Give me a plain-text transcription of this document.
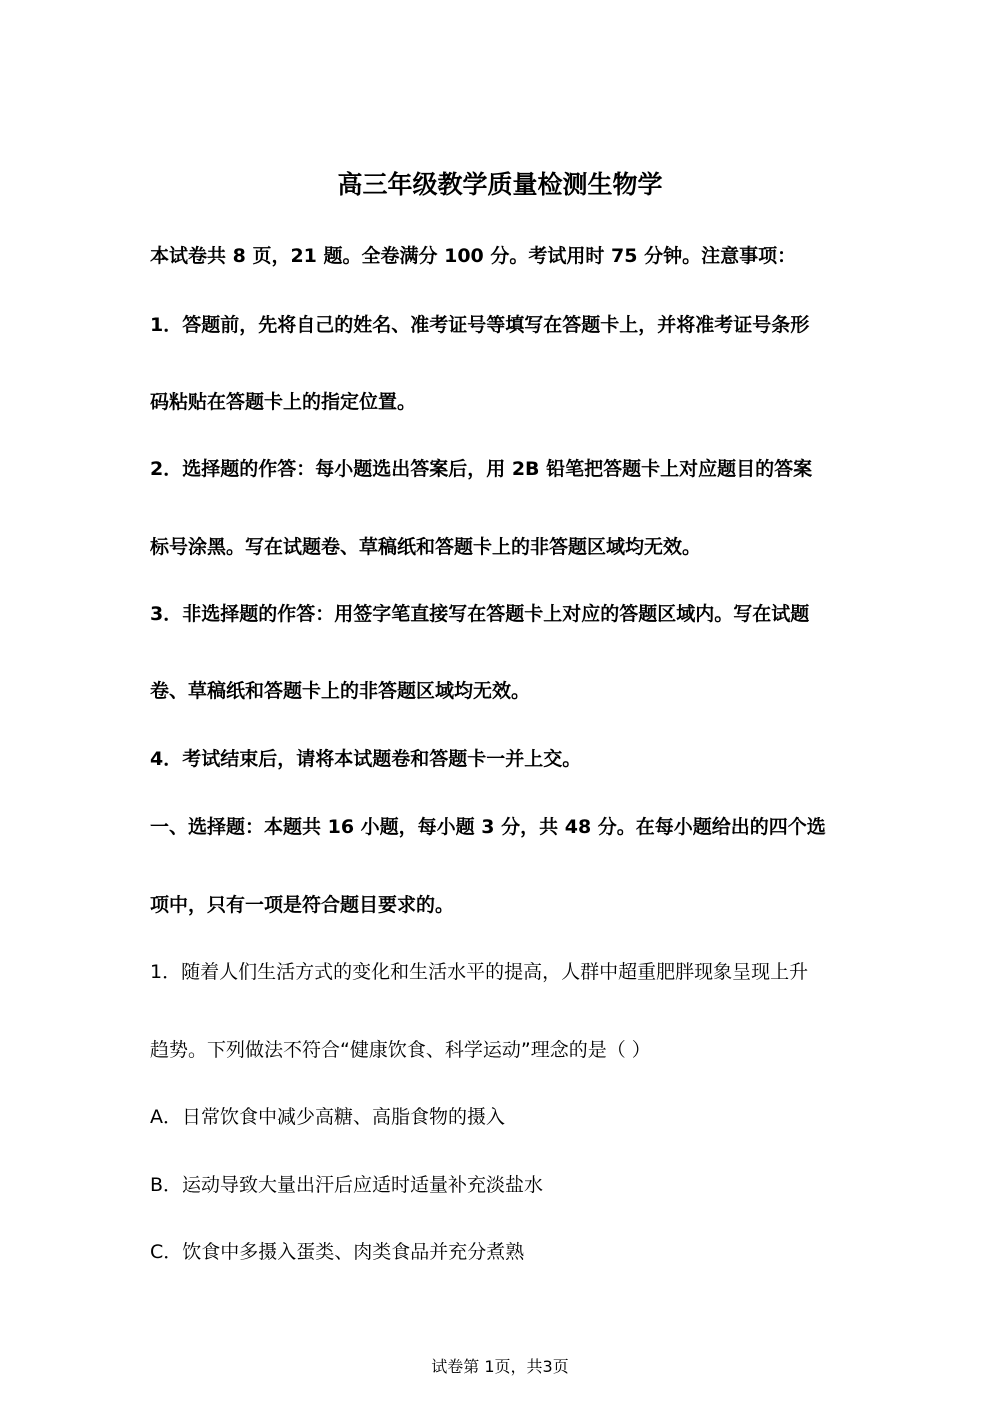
高三年级教学质量检测生物学
本试卷共 8 页，21 题。全卷满分 100 分。考试用时 75 分钟。注意事项：
1．答题前，先将自己的姓名、准考证号等填写在答题卡上，并将准考证号条形
码粘贴在答题卡上的指定位置。
2．选择题的作答：每小题选出答案后，用 2B 铅笔把答题卡上对应题目的答案
标号涂黑。写在试题卷、草稿纸和答题卡上的非答题区域均无效。
3．非选择题的作答：用签字笔直接写在答题卡上对应的答题区域内。写在试题
卷、草稿纸和答题卡上的非答题区域均无效。
4．考试结束后，请将本试题卷和答题卡一并上交。
一、选择题：本题共 16 小题，每小题 3 分，共 48 分。在每小题给出的四个选
项中，只有一项是符合题目要求的。
1．随着人们生活方式的变化和生活水平的提高，人群中超重肥胖现象呈现上升
趋势。下列做法不符合“健康饮食、科学运动”理念的是（ ）
A．日常饮食中减少高糖、高脂食物的摄入
B．运动导致大量出汗后应适时适量补充淡盐水
C．饮食中多摄入蛋类、肉类食品并充分煮熟
试卷第 1页，共3页
